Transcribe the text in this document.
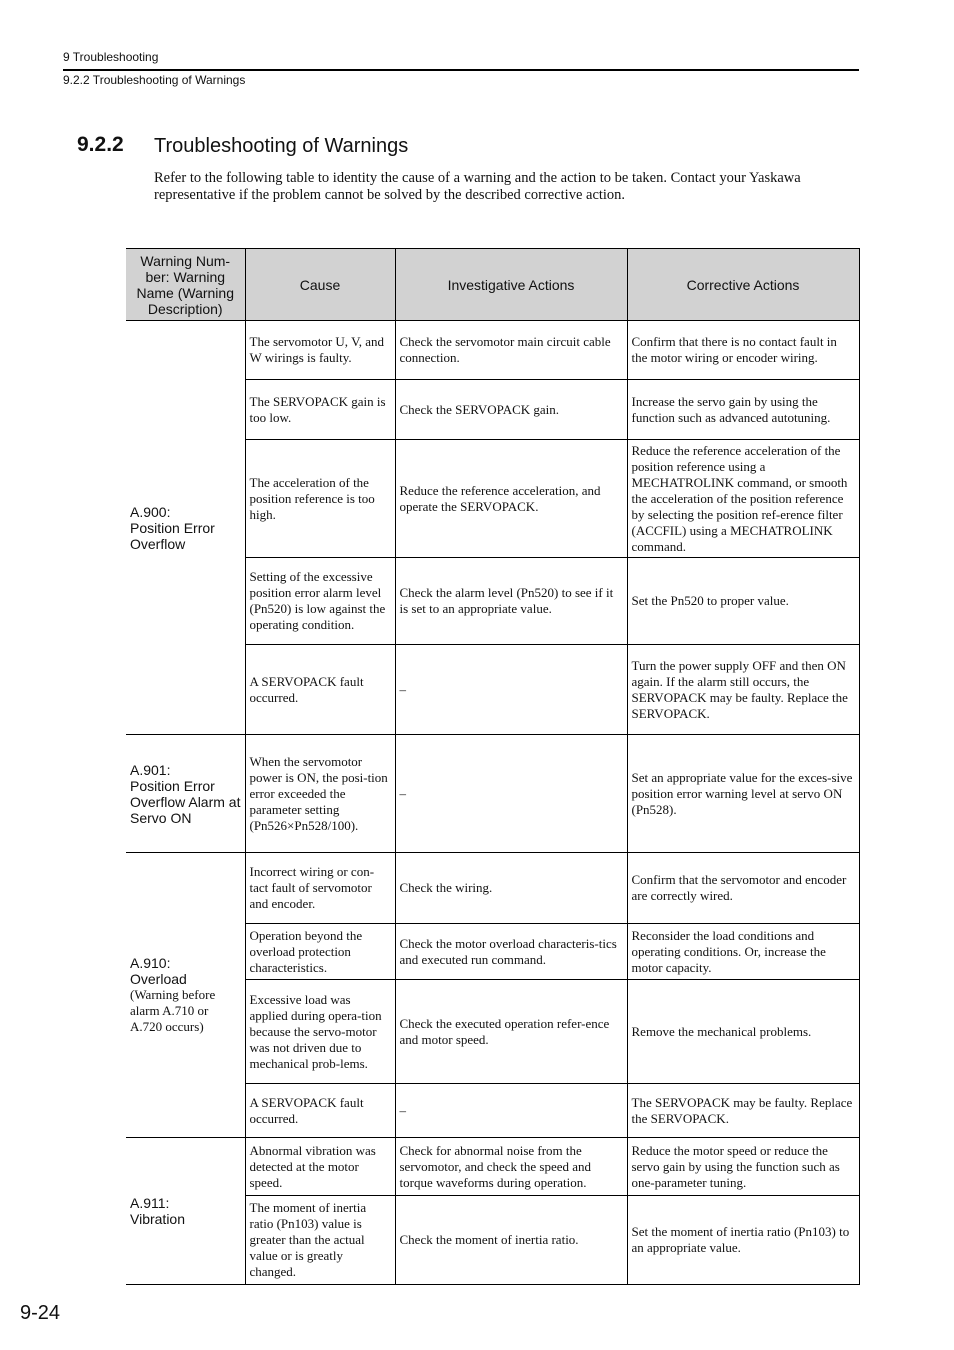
9 Troubleshooting
9.2.2 Troubleshooting of Warnings
9.2.2 Troubleshooting of Warnings
Refer to the following table to identity the cause of a warning and the action to be taken. Contact your Yaskawa representative if the problem cannot be solved by the described corrective action.
Warning Num-ber: Warning Name (Warning Description)	Cause	Investigative Actions	Corrective Actions
A.900:
Position Error Overflow	The servomotor U, V, and W wirings is faulty.	Check the servomotor main circuit cable connection.	Confirm that there is no contact fault in the motor wiring or encoder wiring.
	The SERVOPACK gain is too low.	Check the SERVOPACK gain.	Increase the servo gain by using the function such as advanced autotuning.
	The acceleration of the position reference is too high.	Reduce the reference acceleration, and operate the SERVOPACK.	Reduce the reference acceleration of the position reference using a MECHATROLINK command, or smooth the acceleration of the position reference by selecting the position ref-erence filter (ACCFIL) using a MECHATROLINK command.
	Setting of the excessive position error alarm level (Pn520) is low against the operating condition.	Check the alarm level (Pn520) to see if it is set to an appropriate value.	Set the Pn520 to proper value.
	A SERVOPACK fault occurred.	–	Turn the power supply OFF and then ON again. If the alarm still occurs, the SERVOPACK may be faulty. Replace the SERVOPACK.
A.901:
Position Error Overflow Alarm at Servo ON	When the servomotor power is ON, the posi-tion error exceeded the parameter setting (Pn526×Pn528/100).	–	Set an appropriate value for the exces-sive position error warning level at servo ON (Pn528).
A.910:
Overload
(Warning before alarm A.710 or A.720 occurs)	Incorrect wiring or con-tact fault of servomotor and encoder.	Check the wiring.	Confirm that the servomotor and encoder are correctly wired.
	Operation beyond the overload protection characteristics.	Check the motor overload characteris-tics and executed run command.	Reconsider the load conditions and operating conditions. Or, increase the motor capacity.
	Excessive load was applied during opera-tion because the servo-motor was not driven due to mechanical prob-lems.	Check the executed operation refer-ence and motor speed.	Remove the mechanical problems.
	A SERVOPACK fault occurred.	–	The SERVOPACK may be faulty. Replace the SERVOPACK.
A.911:
Vibration	Abnormal vibration was detected at the motor speed.	Check for abnormal noise from the servomotor, and check the speed and torque waveforms during operation.	Reduce the motor speed or reduce the servo gain by using the function such as one-parameter tuning.
	The moment of inertia ratio (Pn103) value is greater than the actual value or is greatly changed.	Check the moment of inertia ratio.	Set the moment of inertia ratio (Pn103) to an appropriate value.
9-24
